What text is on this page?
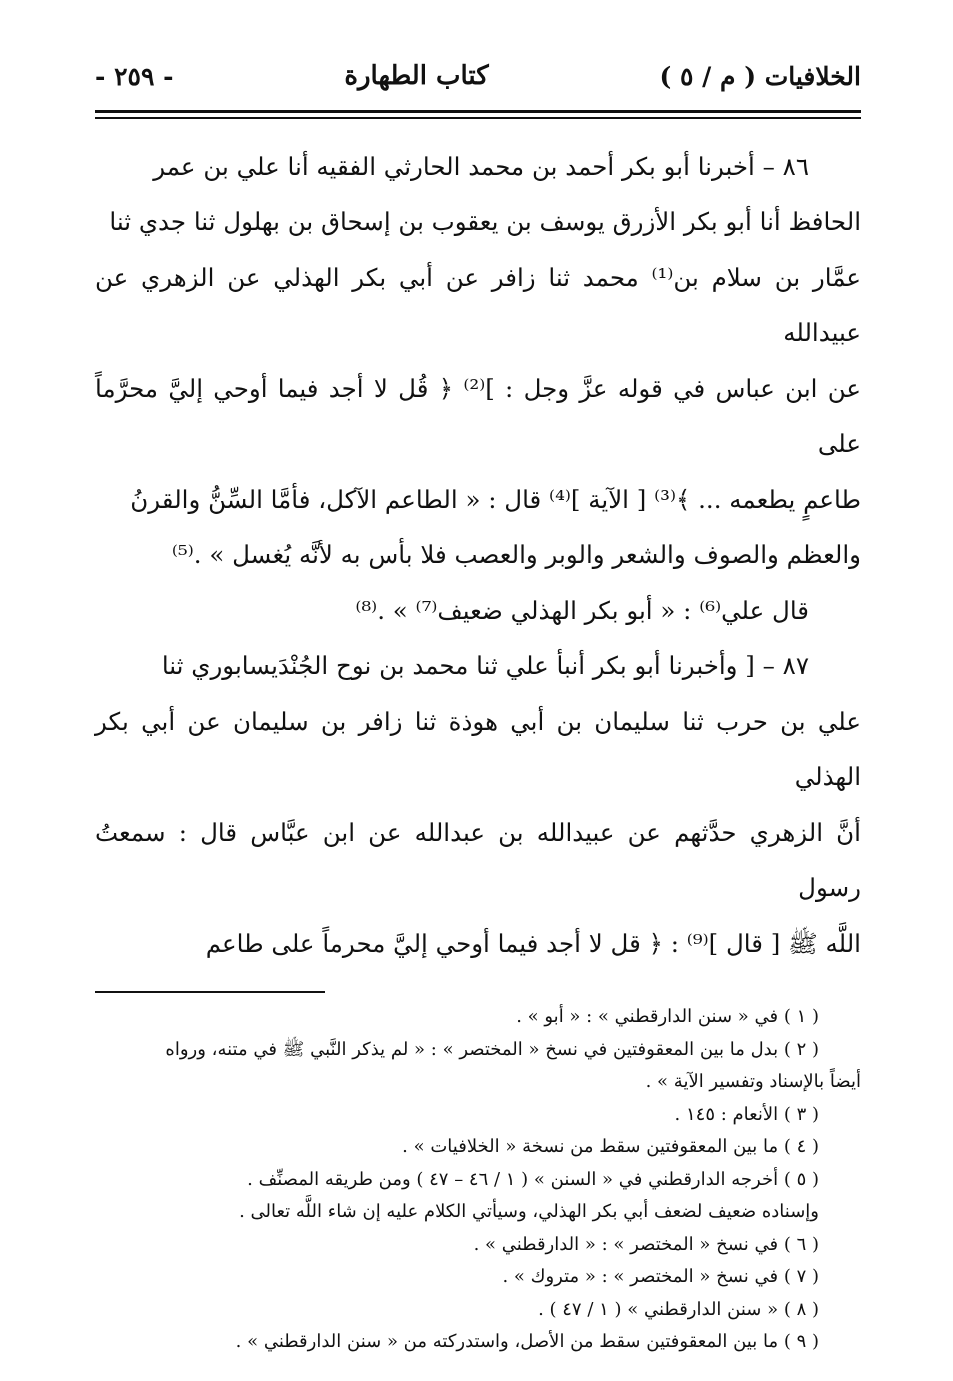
الخلافيات ( م / ٥ )
كتاب الطهارة
- ٢٥٩ -

٨٦ – أخبرنا أبو بكر أحمد بن محمد الحارثي الفقيه أنا علي بن عمر

الحافظ أنا أبو بكر الأزرق يوسف بن يعقوب بن إسحاق بن بهلول ثنا جدي ثنا

عمَّار بن سلام بن⁽¹⁾ محمد ثنا زافر عن أبي بكر الهذلي عن الزهري عن عبيدالله

عن ابن عباس في قوله عزَّ وجل : ]⁽²⁾ ﴿ قُل لا أجد فيما أوحي إليَّ محرَّماً على

طاعمٍ يطعمه ... ﴾⁽³⁾ [ الآية ]⁽⁴⁾ قال : « الطاعم الآكل، فأمَّا السِّنُّ والقرنُ

والعظم والصوف والشعر والوبر والعصب فلا بأس به لأنَّه يُغسل » .⁽⁵⁾

قال علي⁽⁶⁾ : « أبو بكر الهذلي ضعيف⁽⁷⁾ » .⁽⁸⁾

٨٧ – [ وأخبرنا أبو بكر أنبأ علي ثنا محمد بن نوح الجُنْدَيسابوري ثنا

علي بن حرب ثنا سليمان بن أبي هوذة ثنا زافر بن سليمان عن أبي بكر الهذلي

أنَّ الزهري حدَّثهم عن عبيدالله بن عبدالله عن ابن عبَّاس قال : سمعتُ رسول

اللَّه ﷺ [ قال ]⁽⁹⁾ : ﴿ قل لا أجد فيما أوحي إليَّ محرماً على طاعم

( ١ ) في « سنن الدارقطني » : « أبو » .

( ٢ ) بدل ما بين المعقوفتين في نسخ « المختصر » : « لم يذكر النَّبي ﷺ في متنه، ورواه

أيضاً بالإسناد وتفسير الآية » .

( ٣ ) الأنعام : ١٤٥ .

( ٤ ) ما بين المعقوفتين سقط من نسخة « الخلافيات » .

( ٥ ) أخرجه الدارقطني في « السنن » ( ١ / ٤٦ – ٤٧ ) ومن طريقه المصنِّف .

وإسناده ضعيف لضعف أبي بكر الهذلي، وسيأتي الكلام عليه إن شاء اللَّه تعالى .

( ٦ ) في نسخ « المختصر » : « الدارقطني » .

( ٧ ) في نسخ « المختصر » : « متروك » .

( ٨ ) « سنن الدارقطني » ( ١ / ٤٧ ) .

( ٩ ) ما بين المعقوفتين سقط من الأصل، واستدركته من « سنن الدارقطني » .
